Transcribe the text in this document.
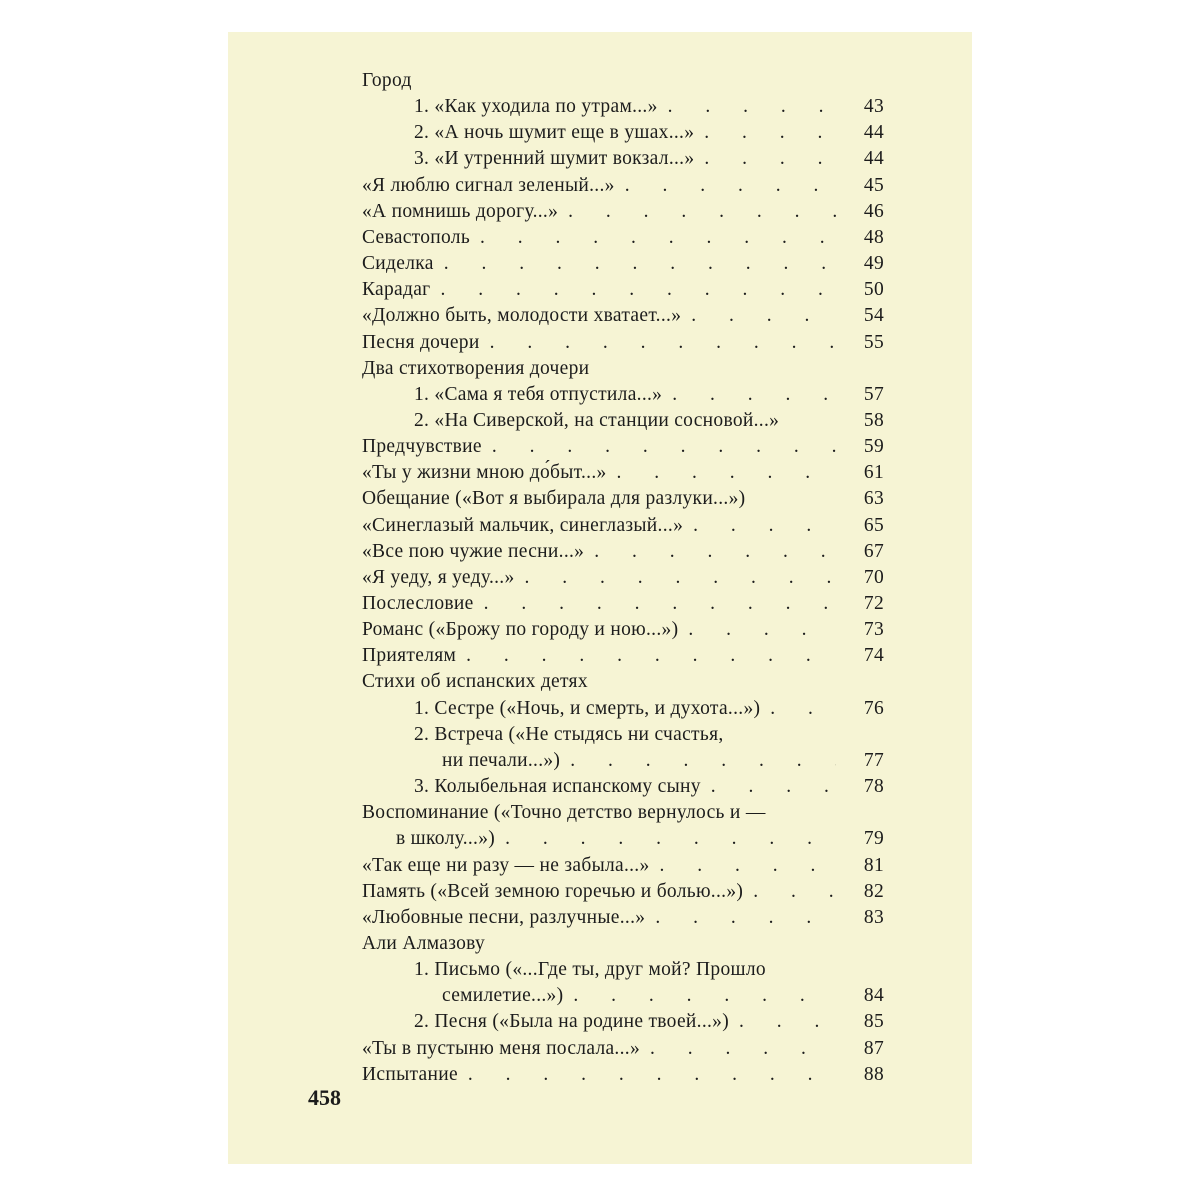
Город
1. «Как уходила по утрам...» . . .	43
2. «А ночь шумит еще в ушах...» . . .	44
3. «И утренний шумит вокзал...» . . .	44
«Я люблю сигнал зеленый...» . . .	45
«А помнишь дорогу...» . . .	46
Севастополь . . .	48
Сиделка . . .	49
Карадаг . . .	50
«Должно быть, молодости хватает...» . . .	54
Песня дочери . . .	55
Два стихотворения дочери
1. «Сама я тебя отпустила...» . . .	57
2. «На Сиверской, на станции сосновой...»	58
Предчувствие . . .	59
«Ты у жизни мною до́быт...» . . .	61
Обещание («Вот я выбирала для разлуки...»)	63
«Синеглазый мальчик, синеглазый...» . . .	65
«Все пою чужие песни...» . . .	67
«Я уеду, я уеду...» . . .	70
Послесловие . . .	72
Романс («Брожу по городу и ною...») . . .	73
Приятелям . . .	74
Стихи об испанских детях
1. Сестре («Ночь, и смерть, и духота...») . . .	76
2. Встреча («Не стыдясь ни счастья,
ни печали...») . . .	77
3. Колыбельная испанскому сыну . . .	78
Воспоминание («Точно детство вернулось и —
в школу...») . . .	79
«Так еще ни разу — не забыла...» . . .	81
Память («Всей земною горечью и болью...») . . .	82
«Любовные песни, разлучные...» . . .	83
Али Алмазову
1. Письмо («...Где ты, друг мой? Прошло
семилетие...») . . .	84
2. Песня («Была на родине твоей...») . . .	85
«Ты в пустыню меня послала...» . . .	87
Испытание . . .	88
458
